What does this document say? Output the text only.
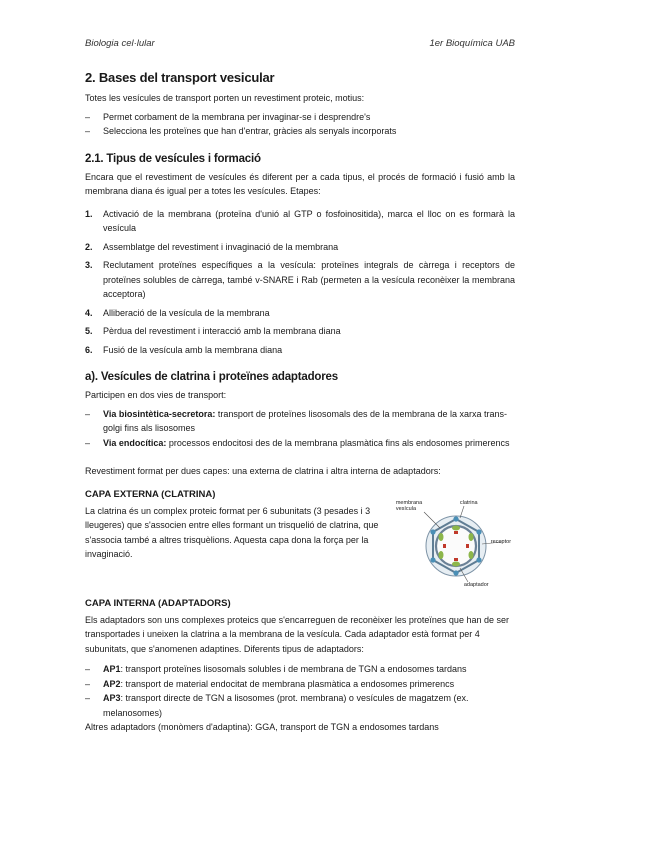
Biologia cel·lular	1er Bioquímica UAB
2. Bases del transport vesicular

Totes les vesícules de transport porten un revestiment proteic, motius:

– Permet corbament de la membrana per invaginar-se i desprendre's
– Selecciona les proteïnes que han d'entrar, gràcies als senyals incorporats
2.1. Tipus de vesícules i formació

Encara que el revestiment de vesícules és diferent per a cada tipus, el procés de formació i fusió amb la membrana diana és igual per a totes les vesícules. Etapes:

1. Activació de la membrana (proteïna d'unió al GTP o fosfoinositida), marca el lloc on es formarà la vesícula
2. Assemblatge del revestiment i invaginació de la membrana
3. Reclutament proteïnes específiques a la vesícula: proteïnes integrals de càrrega i receptors de proteïnes solubles de càrrega, també v-SNARE i Rab (permeten a la vesícula reconèixer la membrana acceptora)
4. Alliberació de la vesícula de la membrana
5. Pèrdua del revestiment i interacció amb la membrana diana
6. Fusió de la vesícula amb la membrana diana
a). Vesícules de clatrina i proteïnes adaptadores

Participen en dos vies de transport:

– Via biosintètica-secretora: transport de proteïnes lisosomals des de la membrana de la xarxa trans-golgi fins als lisosomes
– Via endocítica: processos endocitosi des de la membrana plasmàtica fins als endosomes primerencs

Revestiment format per dues capes: una externa de clatrina i altra interna de adaptadors:

CAPA EXTERNA (CLATRINA)

La clatrina és un complex proteic format per 6 subunitats (3 pesades i 3 lleugeres) que s'associen entre elles formant un trisquelió de clatrina, que s'associa també a altres trisquèlions. Aquesta capa dona la força per la invaginació.

membrana vesícula
clatrina
receptor
adaptador
CAPA INTERNA (ADAPTADORS)

Els adaptadors son uns complexes proteics que s'encarreguen de reconèixer les proteïnes que han de ser transportades i uneixen la clatrina a la membrana de la vesícula. Cada adaptador està format per 4 subunitats, que s'anomenen adaptines. Diferents tipus de adaptadors:

– AP1: transport proteïnes lisosomals solubles i de membrana de TGN a endosomes tardans
– AP2: transport de material endocitat de membrana plasmàtica a endosomes primerencs
– AP3: transport directe de TGN a lisosomes (prot. membrana) o vesícules de magatzem (ex. melanosomes)

Altres adaptadors (monòmers d'adaptina): GGA, transport de TGN a endosomes tardans
